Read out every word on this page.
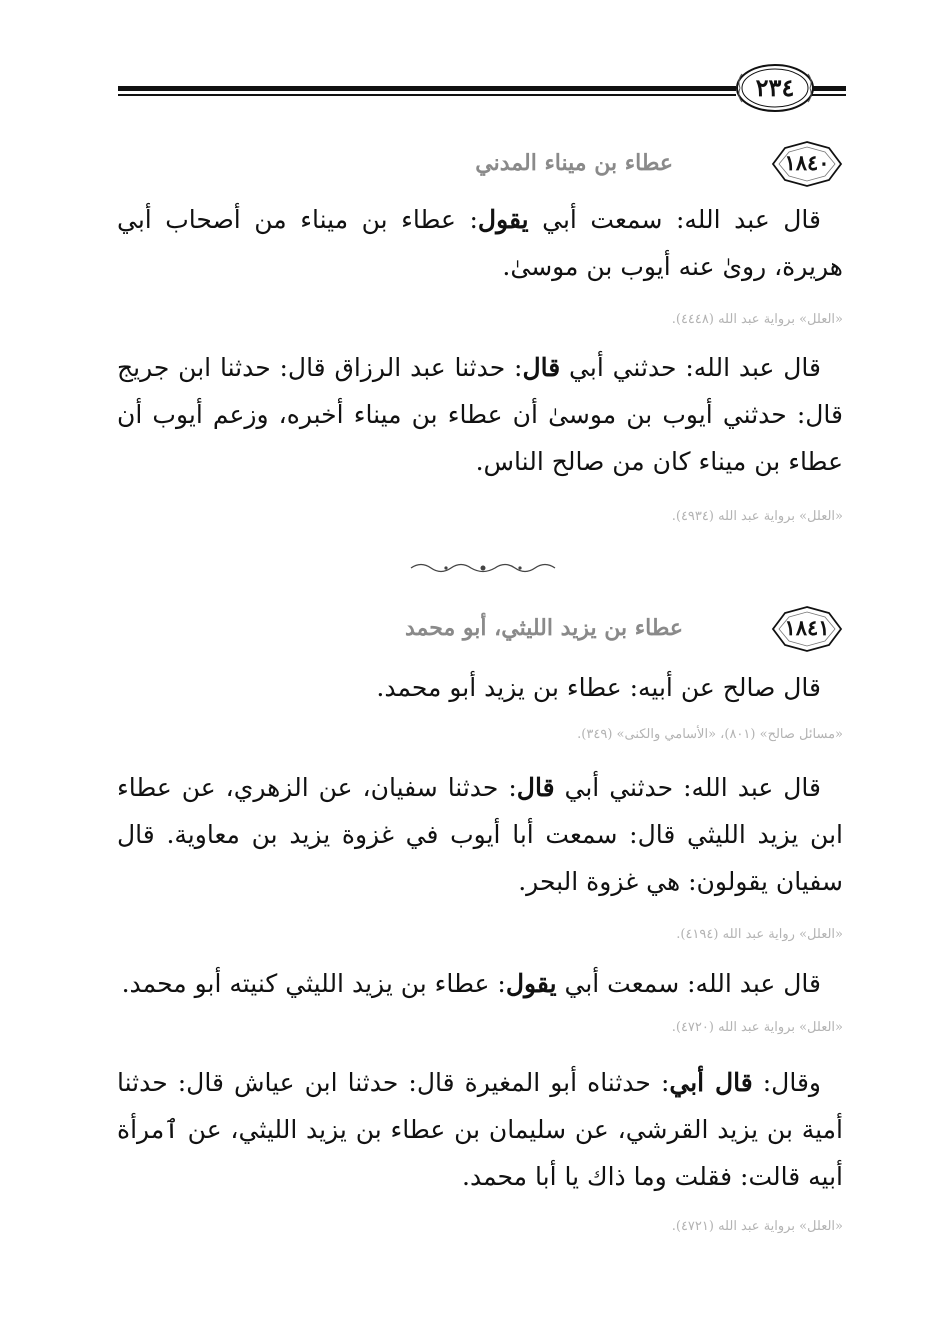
٢٣٤
١٨٤٠
عطاء بن ميناء المدني

قال عبد الله: سمعت أبي يقول: عطاء بن ميناء من أصحاب أبي هريرة، روىٰ عنه أيوب بن موسىٰ.

«العلل» برواية عبد الله (٤٤٤٨).

قال عبد الله: حدثني أبي قال: حدثنا عبد الرزاق قال: حدثنا ابن جريج قال: حدثني أيوب بن موسىٰ أن عطاء بن ميناء أخبره، وزعم أيوب أن عطاء بن ميناء كان من صالح الناس.

«العلل» برواية عبد الله (٤٩٣٤).

١٨٤١
عطاء بن يزيد الليثي، أبو محمد

قال صالح عن أبيه: عطاء بن يزيد أبو محمد.

«مسائل صالح» (٨٠١)، «الأسامي والكنى» (٣٤٩).

قال عبد الله: حدثني أبي قال: حدثنا سفيان، عن الزهري، عن عطاء ابن يزيد الليثي قال: سمعت أبا أيوب في غزوة يزيد بن معاوية. قال سفيان يقولون: هي غزوة البحر.

«العلل» رواية عبد الله (٤١٩٤).

قال عبد الله: سمعت أبي يقول: عطاء بن يزيد الليثي كنيته أبو محمد.

«العلل» برواية عبد الله (٤٧٢٠).

وقال: قال أبي: حدثناه أبو المغيرة قال: حدثنا ابن عياش قال: حدثنا أمية بن يزيد القرشي، عن سليمان بن عطاء بن يزيد الليثي، عن ٱمرأة أبيه قالت: فقلت وما ذاك يا أبا محمد.

«العلل» برواية عبد الله (٤٧٢١).
